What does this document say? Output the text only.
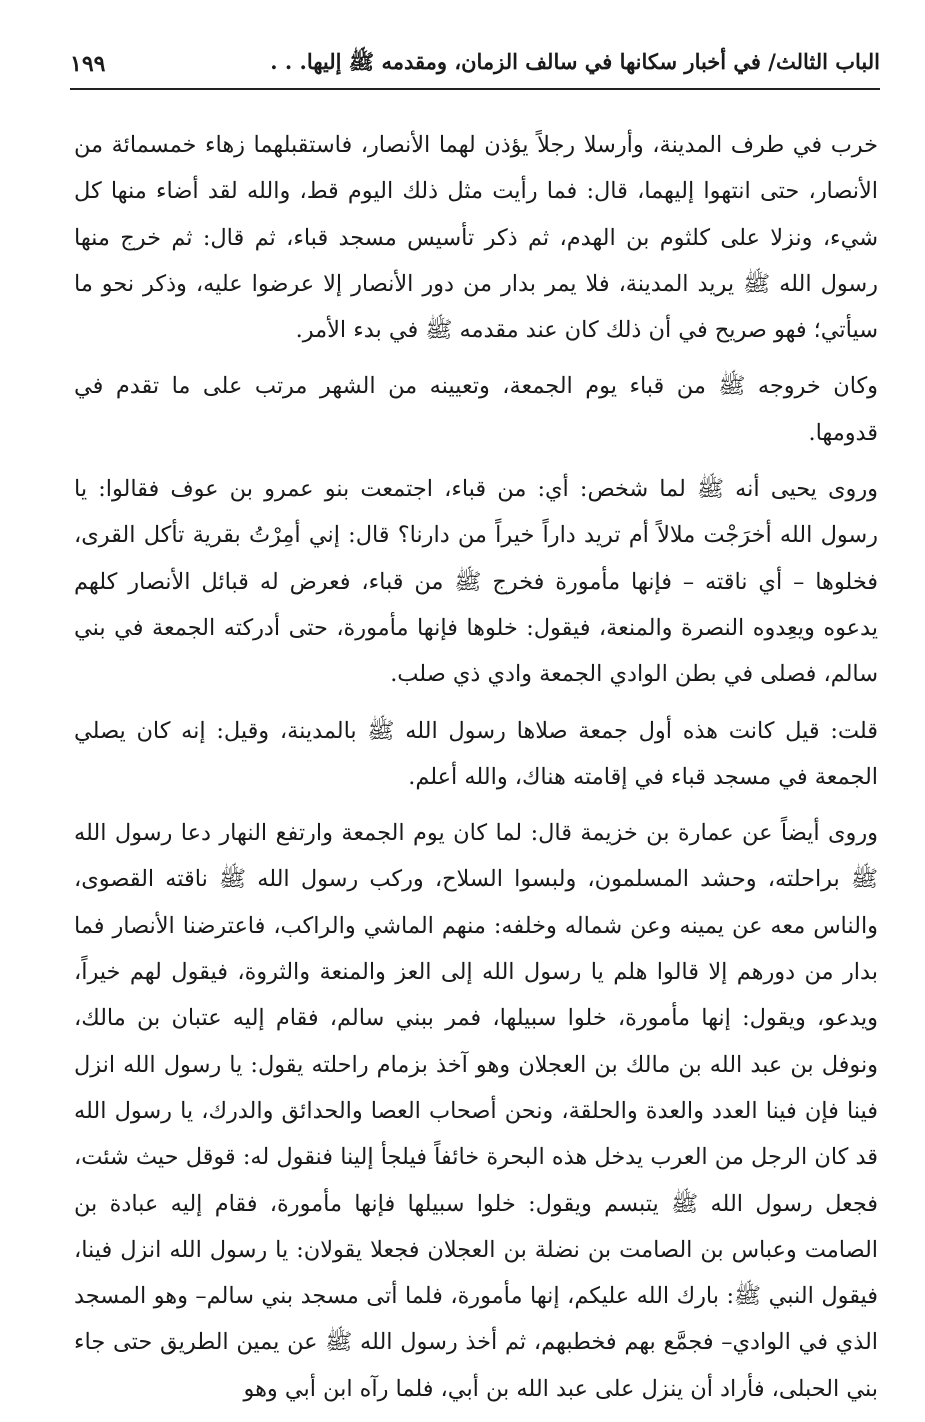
الباب الثالث/ في أخبار سكانها في سالف الزمان، ومقدمه ﷺ إليها. . .
١٩٩

خرب في طرف المدينة، وأرسلا رجلاً يؤذن لهما الأنصار، فاستقبلهما زهاء خمسمائة من الأنصار، حتى انتهوا إليهما، قال: فما رأيت مثل ذلك اليوم قط، والله لقد أضاء منها كل شيء، ونزلا على كلثوم بن الهدم، ثم ذكر تأسيس مسجد قباء، ثم قال: ثم خرج منها رسول الله ﷺ يريد المدينة، فلا يمر بدار من دور الأنصار إلا عرضوا عليه، وذكر نحو ما سيأتي؛ فهو صريح في أن ذلك كان عند مقدمه ﷺ في بدء الأمر.

وكان خروجه ﷺ من قباء يوم الجمعة، وتعيينه من الشهر مرتب على ما تقدم في قدومها.

وروى يحيى أنه ﷺ لما شخص: أي: من قباء، اجتمعت بنو عمرو بن عوف فقالوا: يا رسول الله أخرَجْت ملالاً أم تريد داراً خيراً من دارنا؟ قال: إني أمِرْتُ بقرية تأكل القرى، فخلوها – أي ناقته – فإنها مأمورة فخرج ﷺ من قباء، فعرض له قبائل الأنصار كلهم يدعوه ويعِدوه النصرة والمنعة، فيقول: خلوها فإنها مأمورة، حتى أدركته الجمعة في بني سالم، فصلى في بطن الوادي الجمعة وادي ذي صلب.

قلت: قيل كانت هذه أول جمعة صلاها رسول الله ﷺ بالمدينة، وقيل: إنه كان يصلي الجمعة في مسجد قباء في إقامته هناك، والله أعلم.

وروى أيضاً عن عمارة بن خزيمة قال: لما كان يوم الجمعة وارتفع النهار دعا رسول الله ﷺ براحلته، وحشد المسلمون، ولبسوا السلاح، وركب رسول الله ﷺ ناقته القصوى، والناس معه عن يمينه وعن شماله وخلفه: منهم الماشي والراكب، فاعترضنا الأنصار فما بدار من دورهم إلا قالوا هلم يا رسول الله إلى العز والمنعة والثروة، فيقول لهم خيراً، ويدعو، ويقول: إنها مأمورة، خلوا سبيلها، فمر ببني سالم، فقام إليه عتبان بن مالك، ونوفل بن عبد الله بن مالك بن العجلان وهو آخذ بزمام راحلته يقول: يا رسول الله انزل فينا فإن فينا العدد والعدة والحلقة، ونحن أصحاب العصا والحدائق والدرك، يا رسول الله قد كان الرجل من العرب يدخل هذه البحرة خائفاً فيلجأ إلينا فنقول له: قوقل حيث شئت، فجعل رسول الله ﷺ يتبسم ويقول: خلوا سبيلها فإنها مأمورة، فقام إليه عبادة بن الصامت وعباس بن الصامت بن نضلة بن العجلان فجعلا يقولان: يا رسول الله انزل فينا، فيقول النبي ﷺ: بارك الله عليكم، إنها مأمورة، فلما أتى مسجد بني سالم– وهو المسجد الذي في الوادي– فجمَّع بهم فخطبهم، ثم أخذ رسول الله ﷺ عن يمين الطريق حتى جاء بني الحبلى، فأراد أن ينزل على عبد الله بن أبي، فلما رآه ابن أبي وهو
